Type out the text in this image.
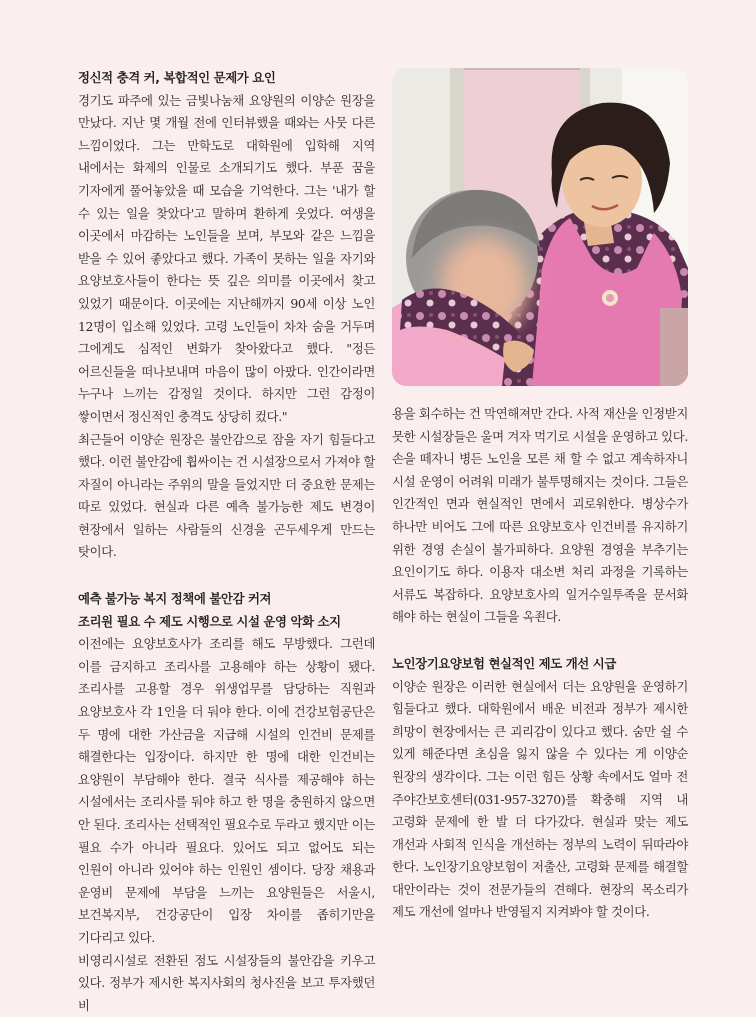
정신적 충격 커, 복합적인 문제가 요인

경기도 파주에 있는 금빛나눔채 요양원의 이양순 원장을 만났다. 지난 몇 개월 전에 인터뷰했을 때와는 사뭇 다른 느낌이었다. 그는 만학도로 대학원에 입학해 지역 내에서는 화제의 인물로 소개되기도 했다. 부푼 꿈을 기자에게 풀어놓았을 때 모습을 기억한다. 그는 '내가 할 수 있는 일을 찾았다'고 말하며 환하게 웃었다. 여생을 이곳에서 마감하는 노인들을 보며, 부모와 같은 느낌을 받을 수 있어 좋았다고 했다. 가족이 못하는 일을 자기와 요양보호사들이 한다는 뜻 깊은 의미를 이곳에서 찾고 있었기 때문이다. 이곳에는 지난해까지 90세 이상 노인 12명이 입소해 있었다. 고령 노인들이 차차 숨을 거두며 그에게도 심적인 변화가 찾아왔다고 했다. "정든 어르신들을 떠나보내며 마음이 많이 아팠다. 인간이라면 누구나 느끼는 감정일 것이다. 하지만 그런 감정이 쌓이면서 정신적인 충격도 상당히 컸다."

최근들어 이양순 원장은 불안감으로 잠을 자기 힘들다고 했다. 이런 불안감에 휩싸이는 건 시설장으로서 가져야 할 자질이 아니라는 주위의 말을 들었지만 더 중요한 문제는 따로 있었다. 현실과 다른 예측 불가능한 제도 변경이 현장에서 일하는 사람들의 신경을 곤두세우게 만드는 탓이다.

예측 불가능 복지 정책에 불안감 커져
조리원 필요 수 제도 시행으로 시설 운영 악화 소지

이전에는 요양보호사가 조리를 해도 무방했다. 그런데 이를 금지하고 조리사를 고용해야 하는 상황이 됐다. 조리사를 고용할 경우 위생업무를 담당하는 직원과 요양보호사 각 1인을 더 둬야 한다. 이에 건강보험공단은 두 명에 대한 가산금을 지급해 시설의 인건비 문제를 해결한다는 입장이다. 하지만 한 명에 대한 인건비는 요양원이 부담해야 한다. 결국 식사를 제공해야 하는 시설에서는 조리사를 둬야 하고 한 명을 충원하지 않으면 안 된다. 조리사는 선택적인 필요수로 두라고 했지만 이는 필요 수가 아니라 필요다. 있어도 되고 없어도 되는 인원이 아니라 있어야 하는 인원인 셈이다. 당장 채용과 운영비 문제에 부담을 느끼는 요양원들은 서울시, 보건복지부, 건강공단이 입장 차이를 좁히기만을 기다리고 있다.

비영리시설로 전환된 점도 시설장들의 불안감을 키우고 있다. 정부가 제시한 복지사회의 청사진을 보고 투자했던 비

용을 회수하는 건 막연해져만 간다. 사적 재산을 인정받지 못한 시설장들은 울며 겨자 먹기로 시설을 운영하고 있다. 손을 떼자니 병든 노인을 모른 채 할 수 없고 계속하자니 시설 운영이 어려워 미래가 불투명해지는 것이다. 그들은 인간적인 면과 현실적인 면에서 괴로워한다. 병상수가 하나만 비어도 그에 따른 요양보호사 인건비를 유지하기 위한 경영 손실이 불가피하다. 요양원 경영을 부추기는 요인이기도 하다. 이용자 대소변 처리 과정을 기록하는 서류도 복잡하다. 요양보호사의 일거수일투족을 문서화 해야 하는 현실이 그들을 옥죈다.

노인장기요양보험 현실적인 제도 개선 시급

이양순 원장은 이러한 현실에서 더는 요양원을 운영하기 힘들다고 했다. 대학원에서 배운 비전과 정부가 제시한 희망이 현장에서는 큰 괴리감이 있다고 했다. 숨만 쉴 수 있게 해준다면 초심을 잃지 않을 수 있다는 게 이양순 원장의 생각이다. 그는 이런 힘든 상황 속에서도 얼마 전 주야간보호센터(031-957-3270)를 확충해 지역 내 고령화 문제에 한 발 더 다가갔다. 현실과 맞는 제도 개선과 사회적 인식을 개선하는 정부의 노력이 뒤따라야 한다. 노인장기요양보험이 저출산, 고령화 문제를 해결할 대안이라는 것이 전문가들의 견해다. 현장의 목소리가 제도 개선에 얼마나 반영될지 지켜봐야 할 것이다.
